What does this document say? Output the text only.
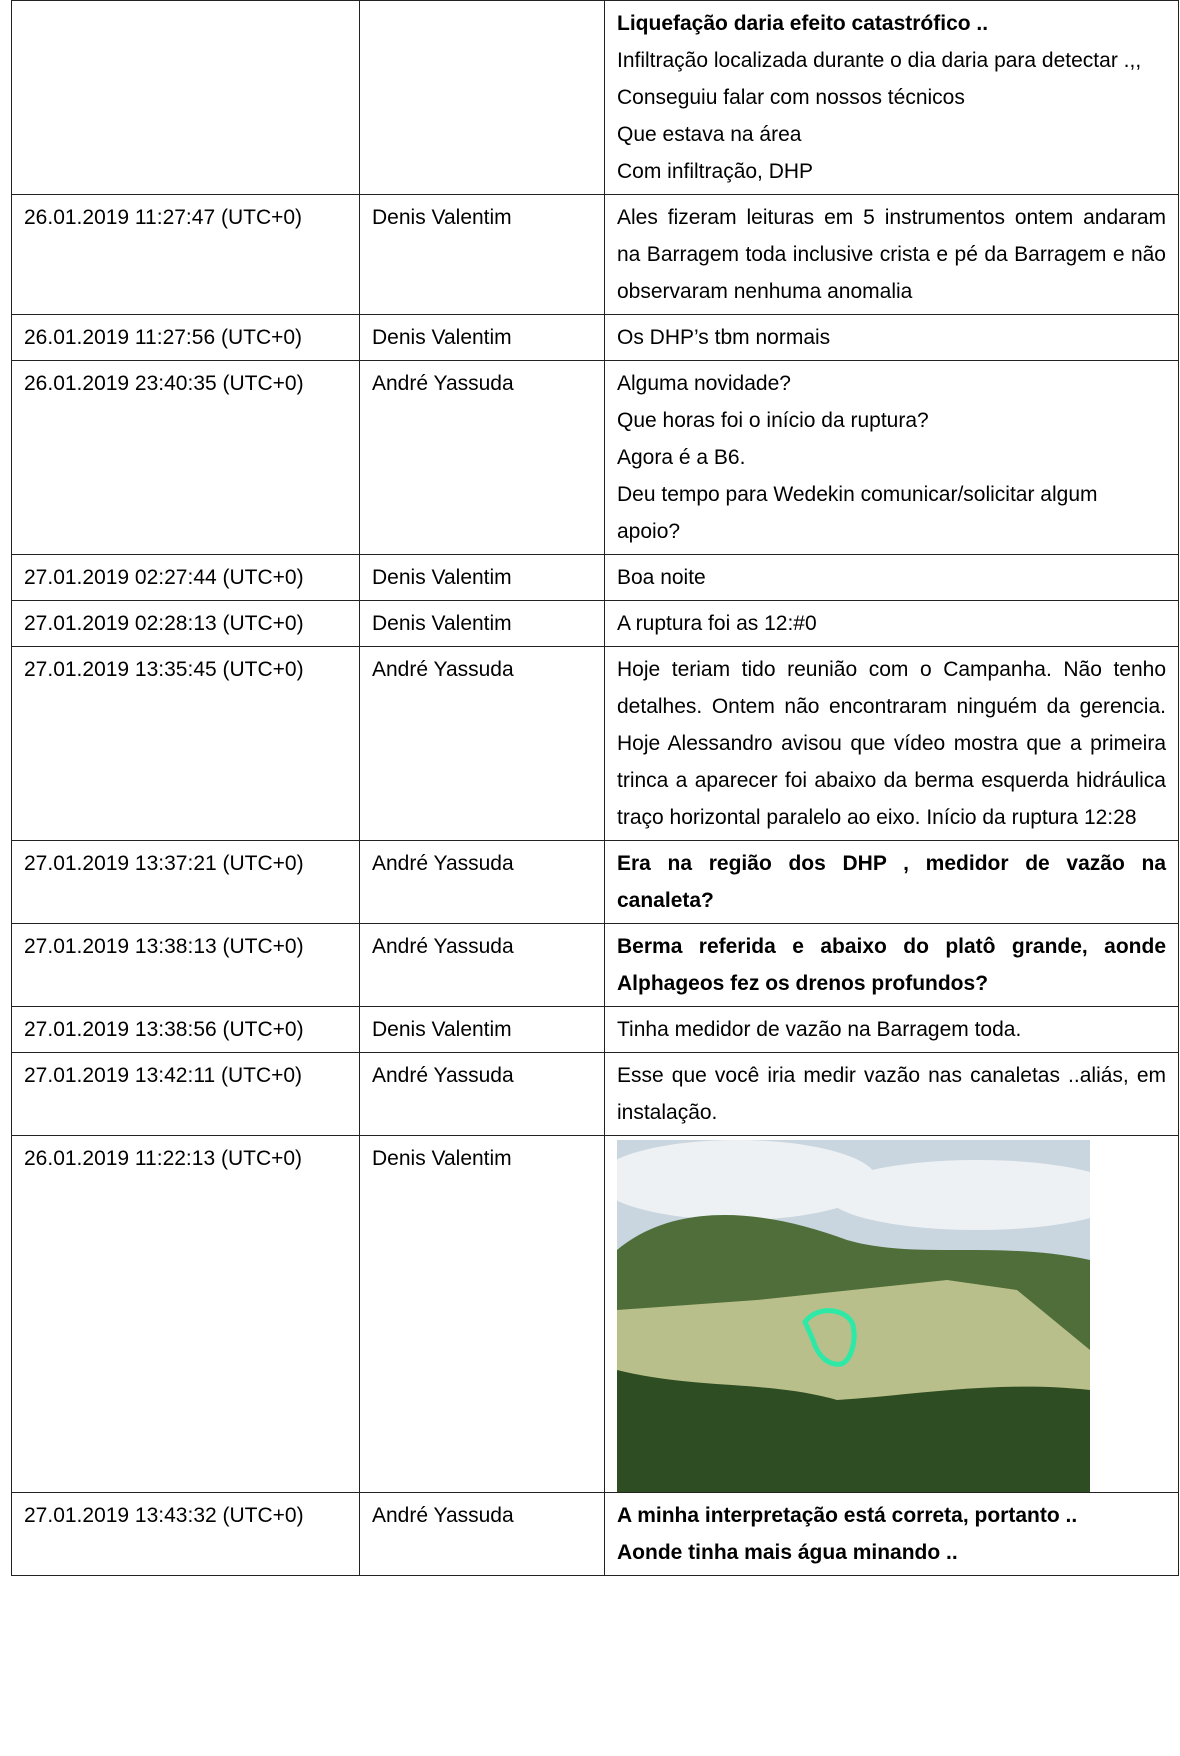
		Liquefação daria efeito catastrófico ..
Infiltração localizada durante o dia daria para detectar .,,
Conseguiu falar com nossos técnicos
Que estava na área
Com infiltração, DHP

26.01.2019 11:27:47 (UTC+0)	Denis Valentim	Ales fizeram leituras em 5 instrumentos ontem andaram na Barragem toda inclusive crista e pé da Barragem e não observaram nenhuma anomalia

26.01.2019 11:27:56 (UTC+0)	Denis Valentim	Os DHP’s tbm normais

26.01.2019 23:40:35 (UTC+0)	André Yassuda	Alguma novidade?
Que horas foi o início da ruptura?
Agora é a B6.
Deu tempo para Wedekin comunicar/solicitar algum apoio?

27.01.2019 02:27:44 (UTC+0)	Denis Valentim	Boa noite

27.01.2019 02:28:13 (UTC+0)	Denis Valentim	A ruptura foi as 12:#0

27.01.2019 13:35:45 (UTC+0)	André Yassuda	Hoje teriam tido reunião com o Campanha. Não tenho detalhes. Ontem não encontraram ninguém da gerencia. Hoje Alessandro avisou que vídeo mostra que a primeira trinca a aparecer foi abaixo da berma esquerda hidráulica traço horizontal paralelo ao eixo. Início da ruptura 12:28

27.01.2019 13:37:21 (UTC+0)	André Yassuda	Era na região dos DHP , medidor de vazão na canaleta?

27.01.2019 13:38:13 (UTC+0)	André Yassuda	Berma referida e abaixo do platô grande, aonde Alphageos fez os drenos profundos?

27.01.2019 13:38:56 (UTC+0)	Denis Valentim	Tinha medidor de vazão na Barragem toda.

27.01.2019 13:42:11 (UTC+0)	André Yassuda	Esse que você iria medir vazão nas canaletas ..aliás, em instalação.

26.01.2019 11:22:13 (UTC+0)	Denis Valentim	

27.01.2019 13:43:32 (UTC+0)	André Yassuda	A minha interpretação está correta, portanto ..
Aonde tinha mais água minando ..
